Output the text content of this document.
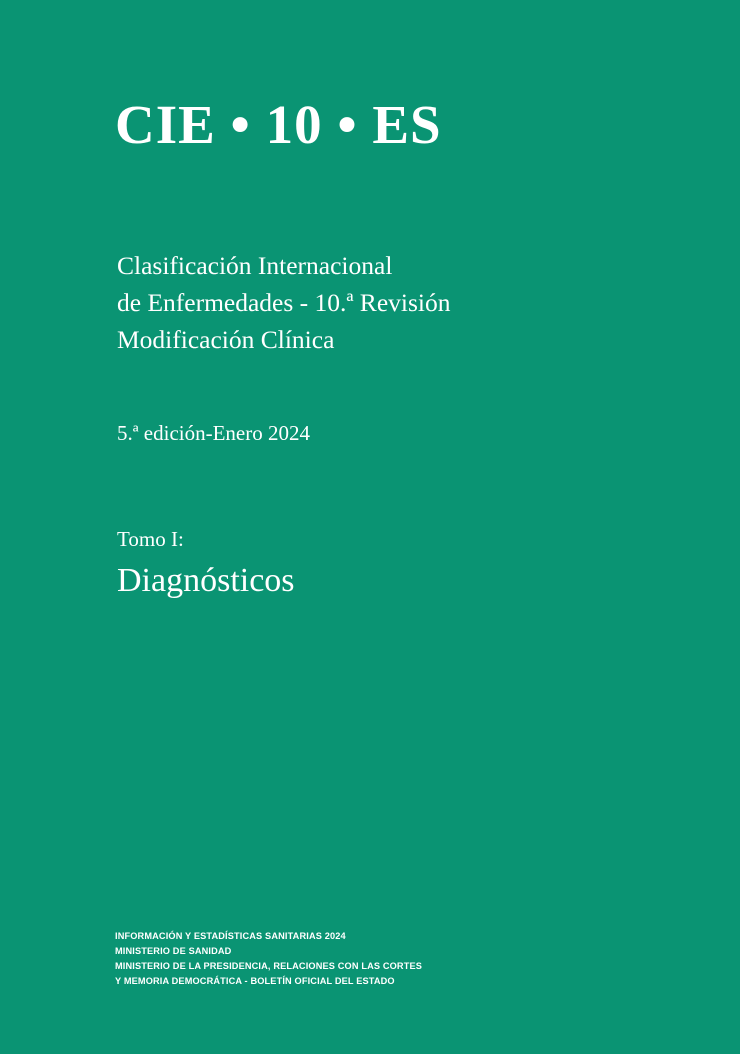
CIE • 10 • ES
Clasificación Internacional
de Enfermedades - 10.ª Revisión
Modificación Clínica
5.ª edición-Enero 2024
Tomo I:
Diagnósticos
INFORMACIÓN Y ESTADÍSTICAS SANITARIAS 2024
MINISTERIO DE SANIDAD
MINISTERIO DE LA PRESIDENCIA, RELACIONES CON LAS CORTES
Y MEMORIA DEMOCRÁTICA - BOLETÍN OFICIAL DEL ESTADO
